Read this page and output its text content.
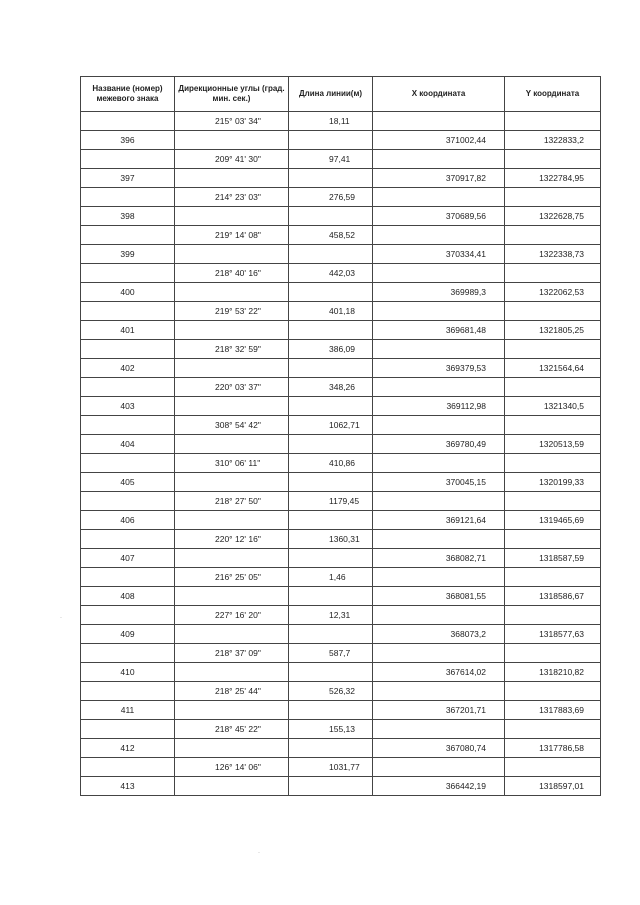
Название (номер) межевого знака	Дирекционные углы (град. мин. сек.)	Длина линии(м)	X координата	Y координата
	215° 03' 34"	18,11		
396			371002,44	1322833,2
	209° 41' 30"	97,41		
397			370917,82	1322784,95
	214° 23' 03"	276,59		
398			370689,56	1322628,75
	219° 14' 08"	458,52		
399			370334,41	1322338,73
	218° 40' 16"	442,03		
400			369989,3	1322062,53
	219° 53' 22"	401,18		
401			369681,48	1321805,25
	218° 32' 59"	386,09		
402			369379,53	1321564,64
	220° 03' 37"	348,26		
403			369112,98	1321340,5
	308° 54' 42"	1062,71		
404			369780,49	1320513,59
	310° 06' 11"	410,86		
405			370045,15	1320199,33
	218° 27' 50"	1179,45		
406			369121,64	1319465,69
	220° 12' 16"	1360,31		
407			368082,71	1318587,59
	216° 25' 05"	1,46		
408			368081,55	1318586,67
	227° 16' 20"	12,31		
409			368073,2	1318577,63
	218° 37' 09"	587,7		
410			367614,02	1318210,82
	218° 25' 44"	526,32		
411			367201,71	1317883,69
	218° 45' 22"	155,13		
412			367080,74	1317786,58
	126° 14' 06"	1031,77		
413			366442,19	1318597,01
·
·
